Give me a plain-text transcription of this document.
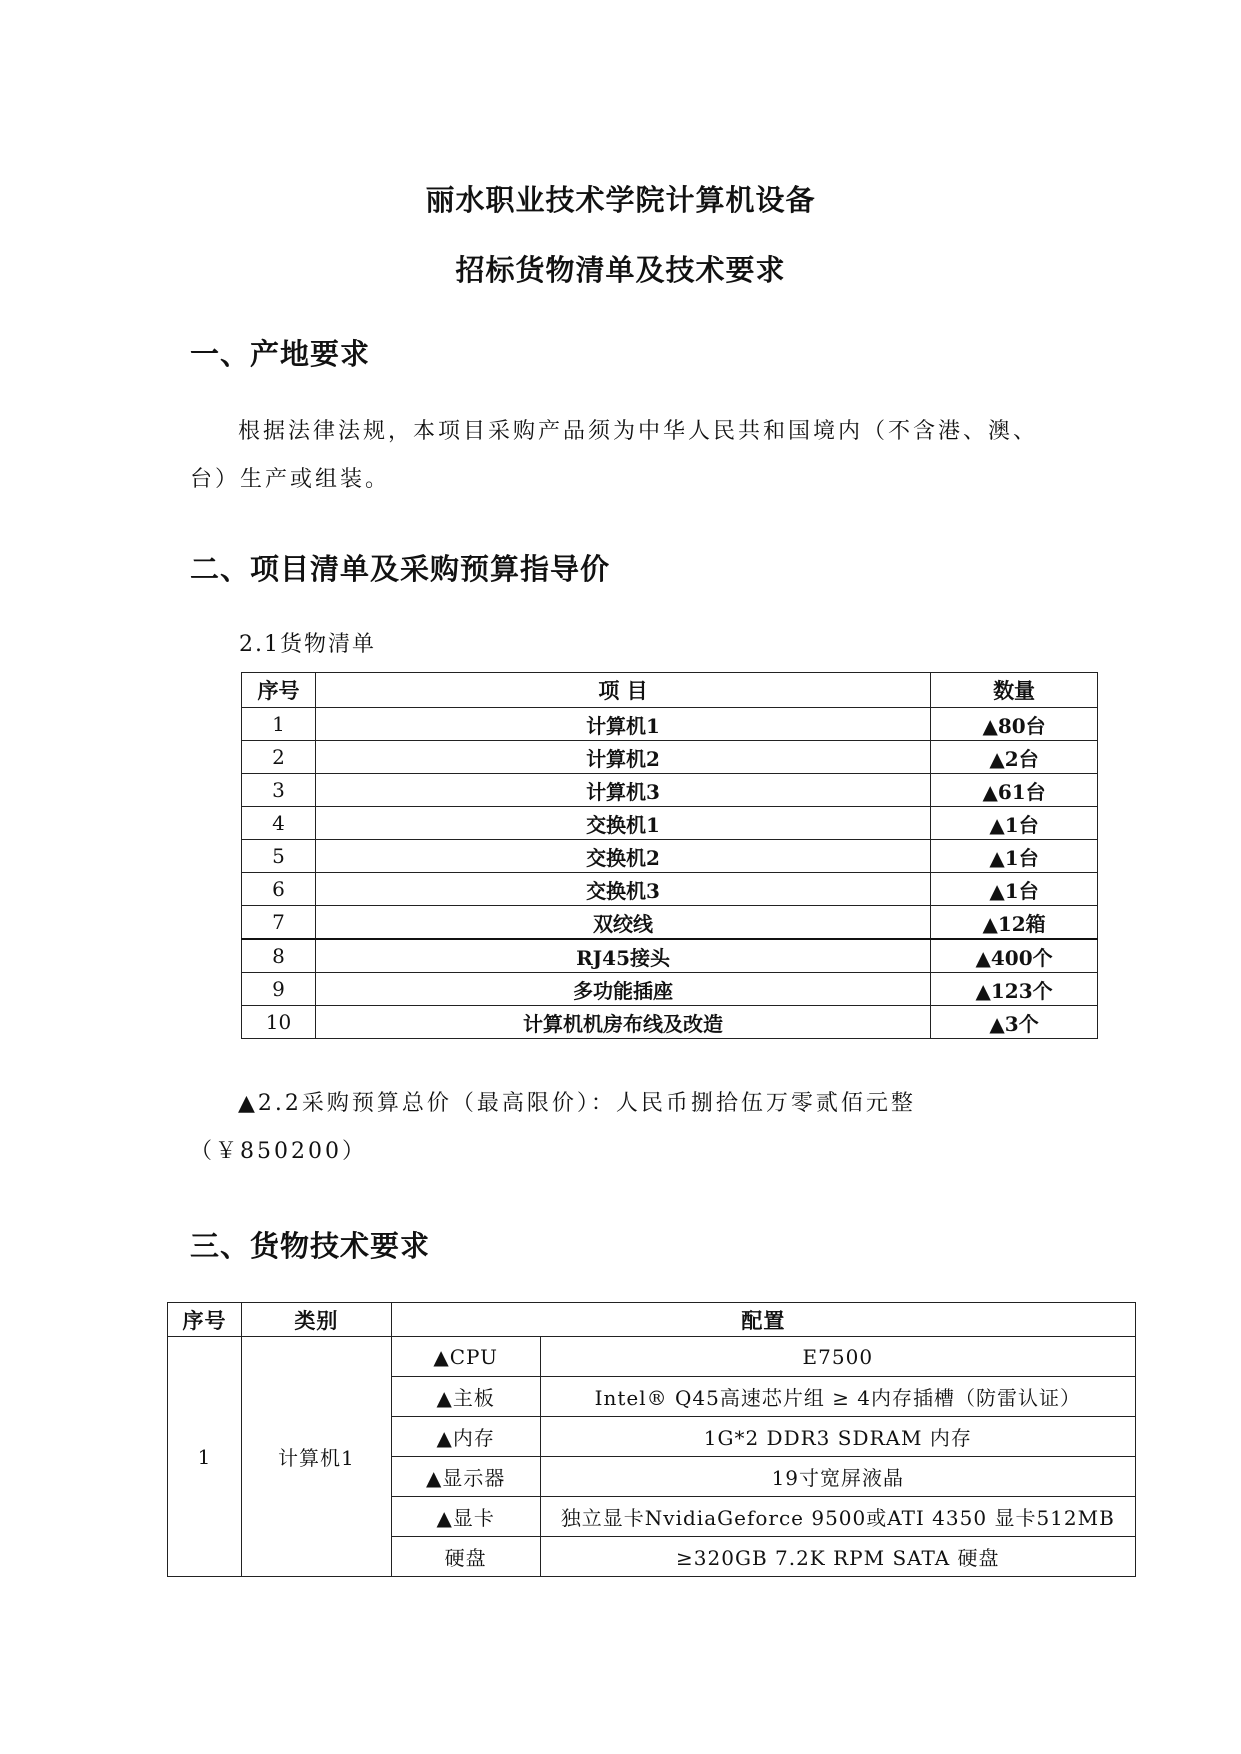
丽水职业技术学院计算机设备
招标货物清单及技术要求
一、产地要求
根据法律法规，本项目采购产品须为中华人民共和国境内（不含港、澳、台）生产或组装。
二、项目清单及采购预算指导价
2.1货物清单
序号	项 目	数量
1	计算机1	▲80台
2	计算机2	▲2台
3	计算机3	▲61台
4	交换机1	▲1台
5	交换机2	▲1台
6	交换机3	▲1台
7	双绞线	▲12箱
8	RJ45接头	▲400个
9	多功能插座	▲123个
10	计算机机房布线及改造	▲3个
▲2.2采购预算总价（最高限价）：人民币捌拾伍万零贰佰元整（￥850200）
三、货物技术要求
序号	类别	配置	
1	计算机1	▲CPU	E7500
		▲主板	Intel® Q45高速芯片组 ≥ 4内存插槽（防雷认证）
		▲内存	1G*2 DDR3 SDRAM 内存
		▲显示器	19寸宽屏液晶
		▲显卡	独立显卡NvidiaGeforce 9500或ATI 4350 显卡512MB
		硬盘	≥320GB 7.2K RPM SATA 硬盘
